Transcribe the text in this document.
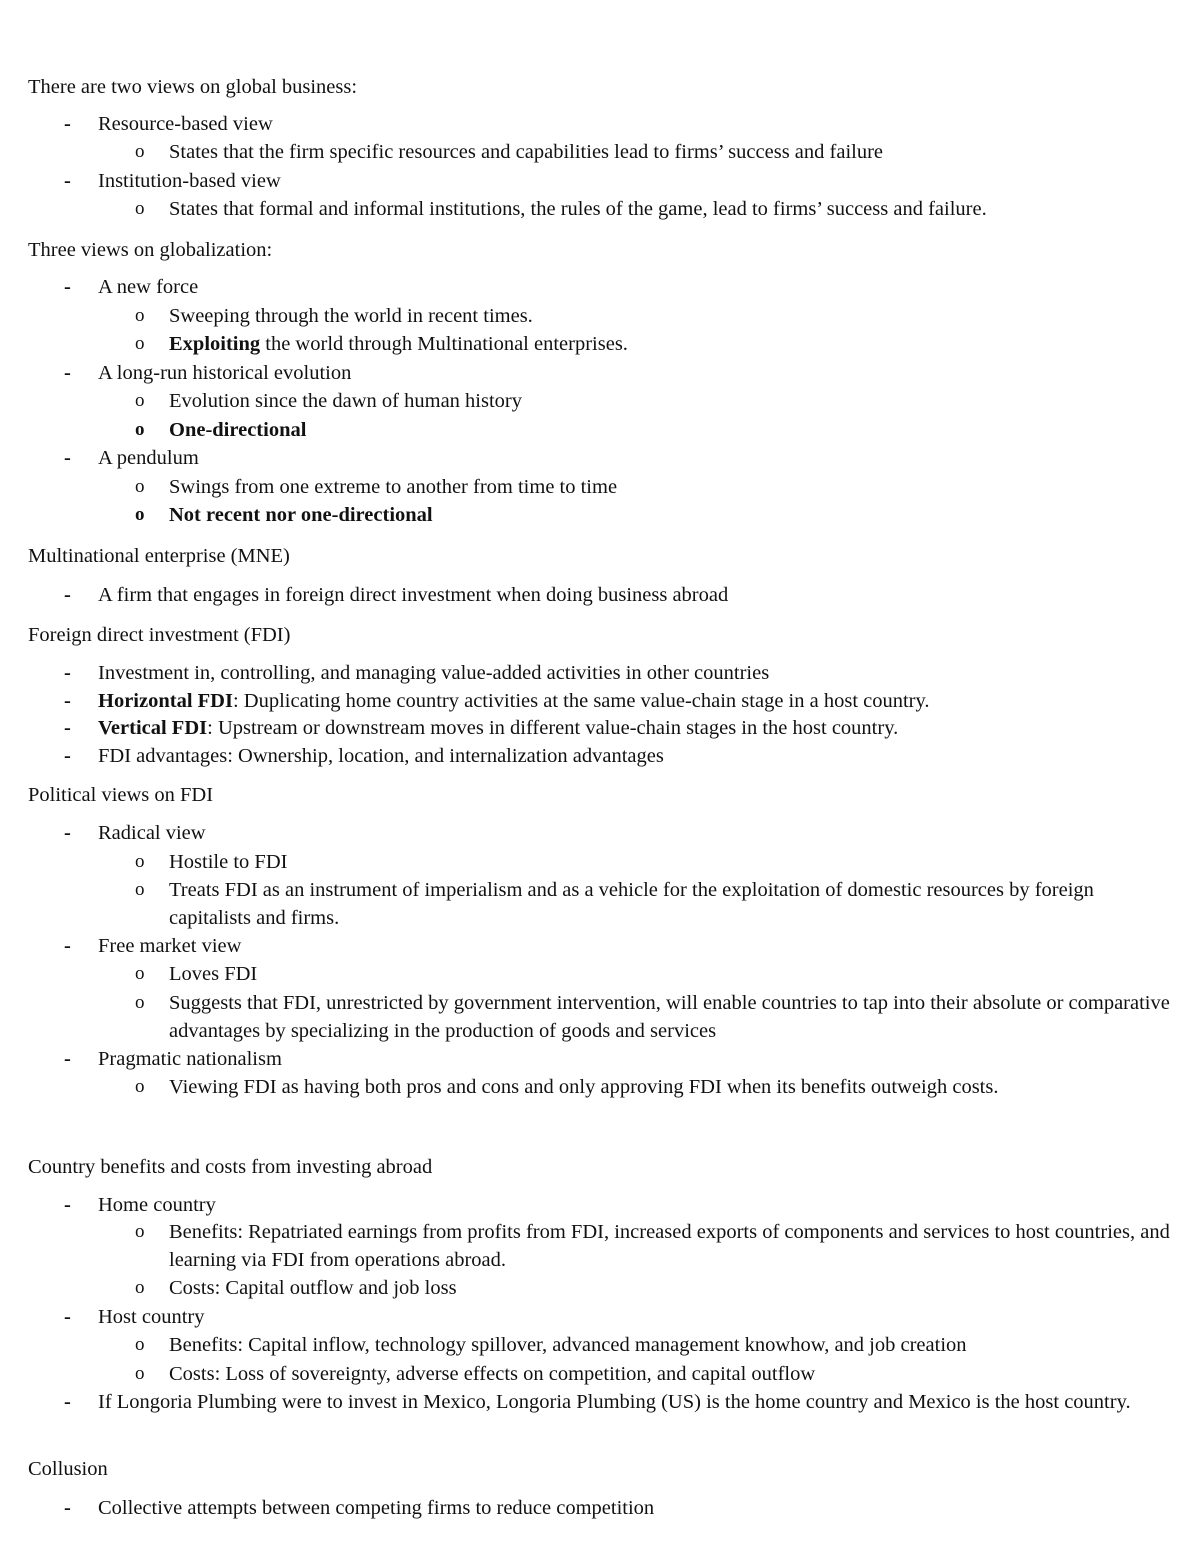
There are two views on global business:
- Resource-based view
o States that the firm specific resources and capabilities lead to firms’ success and failure
- Institution-based view
o States that formal and informal institutions, the rules of the game, lead to firms’ success and failure.
Three views on globalization:
- A new force
o Sweeping through the world in recent times.
o Exploiting the world through Multinational enterprises.
- A long-run historical evolution
o Evolution since the dawn of human history
o One-directional
- A pendulum
o Swings from one extreme to another from time to time
o Not recent nor one-directional
Multinational enterprise (MNE)
- A firm that engages in foreign direct investment when doing business abroad
Foreign direct investment (FDI)
- Investment in, controlling, and managing value-added activities in other countries
- Horizontal FDI: Duplicating home country activities at the same value-chain stage in a host country.
- Vertical FDI: Upstream or downstream moves in different value-chain stages in the host country.
- FDI advantages: Ownership, location, and internalization advantages
Political views on FDI
- Radical view
o Hostile to FDI
o Treats FDI as an instrument of imperialism and as a vehicle for the exploitation of domestic resources by foreign capitalists and firms.
- Free market view
o Loves FDI
o Suggests that FDI, unrestricted by government intervention, will enable countries to tap into their absolute or comparative advantages by specializing in the production of goods and services
- Pragmatic nationalism
o Viewing FDI as having both pros and cons and only approving FDI when its benefits outweigh costs.
Country benefits and costs from investing abroad
- Home country
o Benefits: Repatriated earnings from profits from FDI, increased exports of components and services to host countries, and learning via FDI from operations abroad.
o Costs: Capital outflow and job loss
- Host country
o Benefits: Capital inflow, technology spillover, advanced management knowhow, and job creation
o Costs: Loss of sovereignty, adverse effects on competition, and capital outflow
- If Longoria Plumbing were to invest in Mexico, Longoria Plumbing (US) is the home country and Mexico is the host country.
Collusion
- Collective attempts between competing firms to reduce competition
